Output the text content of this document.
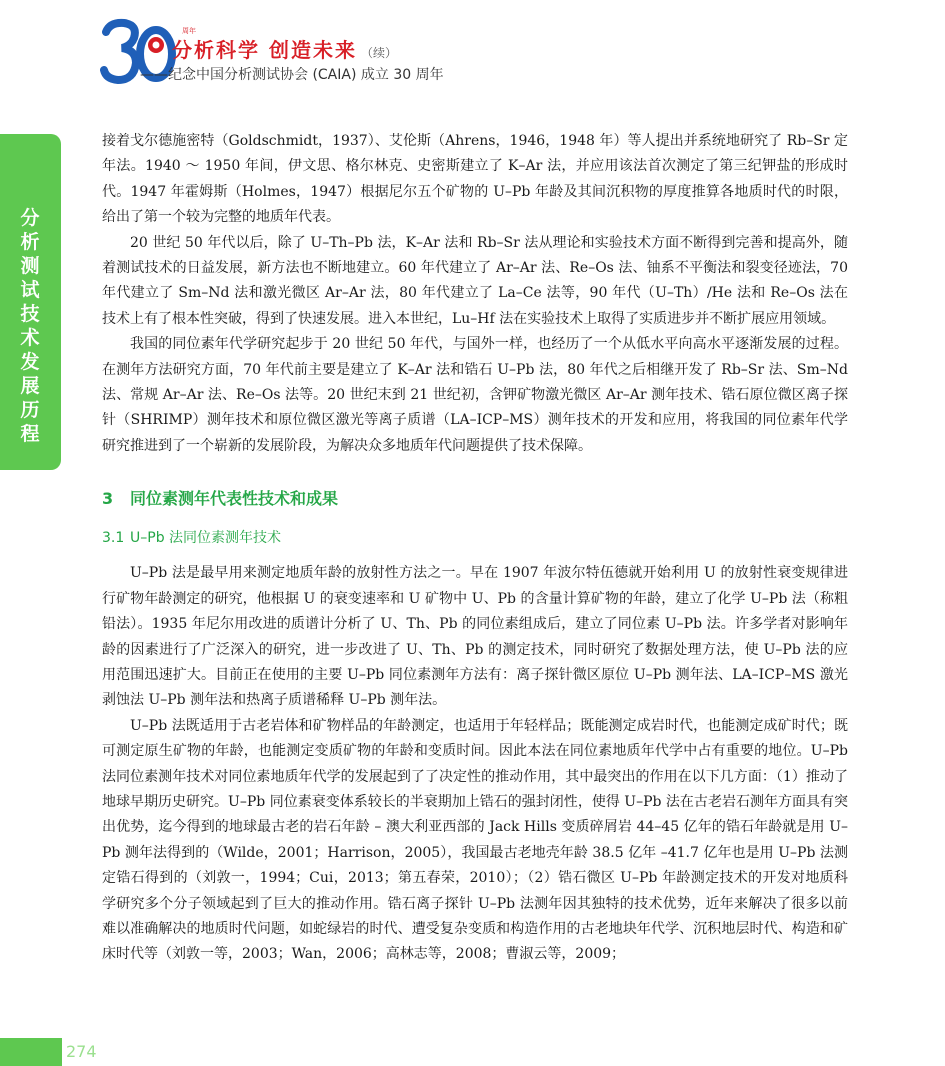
周年
分析科学 创造未来 （续）
——纪念中国分析测试协会 (CAIA) 成立 30 周年
分析测试技术发展历程

接着戈尔德施密特（Goldschmidt，1937）、艾伦斯（Ahrens，1946，1948 年）等人提出并系统地研究了 Rb–Sr 定年法。1940 ～ 1950 年间，伊文思、格尔林克、史密斯建立了 K–Ar 法，并应用该法首次测定了第三纪钾盐的形成时代。1947 年霍姆斯（Holmes，1947）根据尼尔五个矿物的 U–Pb 年龄及其间沉积物的厚度推算各地质时代的时限，给出了第一个较为完整的地质年代表。

20 世纪 50 年代以后，除了 U–Th–Pb 法，K–Ar 法和 Rb–Sr 法从理论和实验技术方面不断得到完善和提高外，随着测试技术的日益发展，新方法也不断地建立。60 年代建立了 Ar–Ar 法、Re–Os 法、铀系不平衡法和裂变径迹法，70 年代建立了 Sm–Nd 法和激光微区 Ar–Ar 法，80 年代建立了 La–Ce 法等，90 年代（U–Th）/He 法和 Re–Os 法在技术上有了根本性突破，得到了快速发展。进入本世纪，Lu–Hf 法在实验技术上取得了实质进步并不断扩展应用领域。

我国的同位素年代学研究起步于 20 世纪 50 年代，与国外一样，也经历了一个从低水平向高水平逐渐发展的过程。在测年方法研究方面，70 年代前主要是建立了 K–Ar 法和锆石 U–Pb 法，80 年代之后相继开发了 Rb–Sr 法、Sm–Nd 法、常规 Ar–Ar 法、Re–Os 法等。20 世纪末到 21 世纪初，含钾矿物激光微区 Ar–Ar 测年技术、锆石原位微区离子探针（SHRIMP）测年技术和原位微区激光等离子质谱（LA–ICP–MS）测年技术的开发和应用，将我国的同位素年代学研究推进到了一个崭新的发展阶段，为解决众多地质年代问题提供了技术保障。

3 同位素测年代表性技术和成果
3.1 U–Pb 法同位素测年技术

U–Pb 法是最早用来测定地质年龄的放射性方法之一。早在 1907 年波尔特伍德就开始利用 U 的放射性衰变规律进行矿物年龄测定的研究，他根据 U 的衰变速率和 U 矿物中 U、Pb 的含量计算矿物的年龄，建立了化学 U–Pb 法（称粗铅法）。1935 年尼尔用改进的质谱计分析了 U、Th、Pb 的同位素组成后，建立了同位素 U–Pb 法。许多学者对影响年龄的因素进行了广泛深入的研究，进一步改进了 U、Th、Pb 的测定技术，同时研究了数据处理方法，使 U–Pb 法的应用范围迅速扩大。目前正在使用的主要 U–Pb 同位素测年方法有：离子探针微区原位 U–Pb 测年法、LA–ICP–MS 激光剥蚀法 U–Pb 测年法和热离子质谱稀释 U–Pb 测年法。

U–Pb 法既适用于古老岩体和矿物样品的年龄测定，也适用于年轻样品；既能测定成岩时代，也能测定成矿时代；既可测定原生矿物的年龄，也能测定变质矿物的年龄和变质时间。因此本法在同位素地质年代学中占有重要的地位。U–Pb 法同位素测年技术对同位素地质年代学的发展起到了了决定性的推动作用，其中最突出的作用在以下几方面：（1）推动了地球早期历史研究。U–Pb 同位素衰变体系较长的半衰期加上锆石的强封闭性，使得 U–Pb 法在古老岩石测年方面具有突出优势，迄今得到的地球最古老的岩石年龄 – 澳大利亚西部的 Jack Hills 变质碎屑岩 44–45 亿年的锆石年龄就是用 U–Pb 测年法得到的（Wilde，2001；Harrison，2005），我国最古老地壳年龄 38.5 亿年 –41.7 亿年也是用 U–Pb 法测定锆石得到的（刘敦一，1994；Cui，2013；第五春荣，2010）；（2）锆石微区 U–Pb 年龄测定技术的开发对地质科学研究多个分子领域起到了巨大的推动作用。锆石离子探针 U–Pb 法测年因其独特的技术优势，近年来解决了很多以前难以准确解决的地质时代问题，如蛇绿岩的时代、遭受复杂变质和构造作用的古老地块年代学、沉积地层时代、构造和矿床时代等（刘敦一等，2003；Wan，2006；高林志等，2008；曹淑云等，2009；

274
